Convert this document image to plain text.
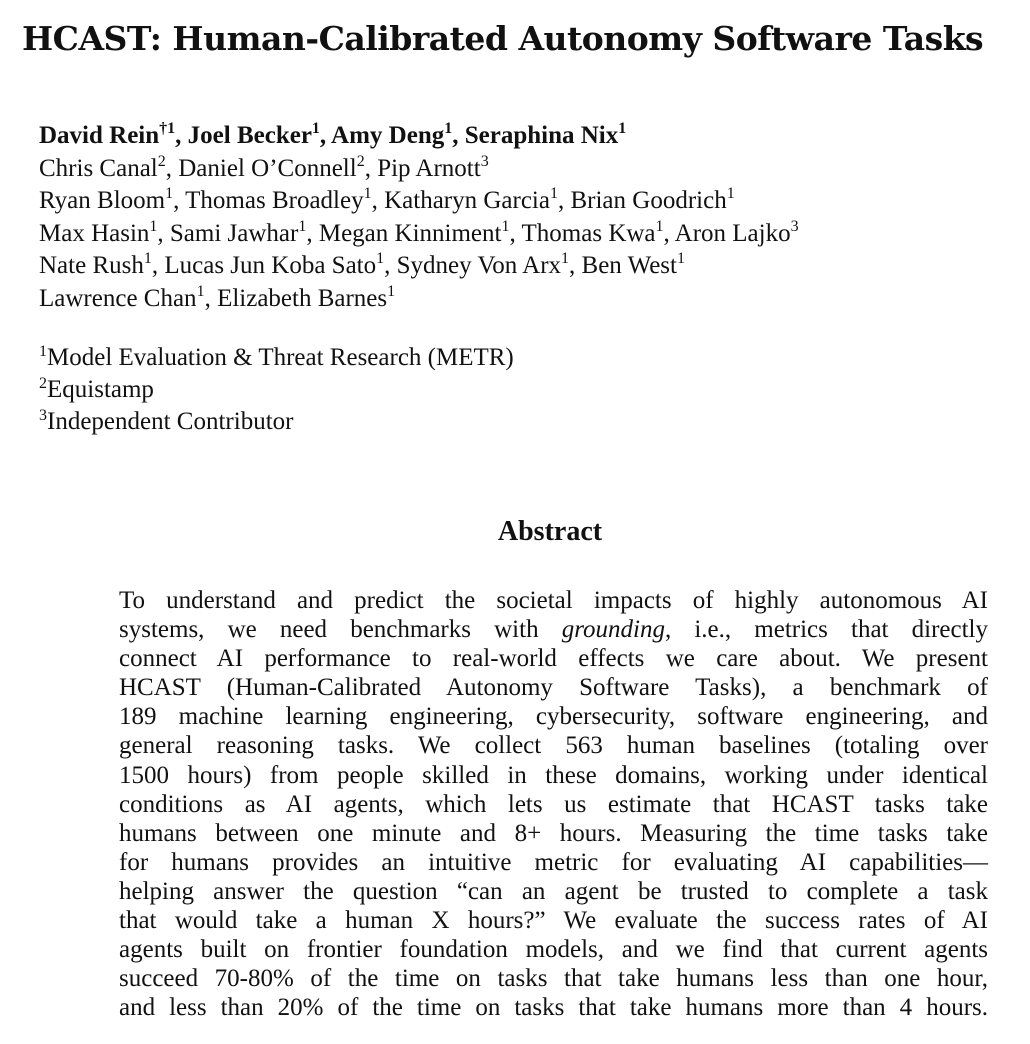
HCAST: Human-Calibrated Autonomy Software Tasks
David Rein$^{\dagger 1}$, Joel Becker$^1$, Amy Deng$^1$, Seraphina Nix$^1$
Chris Canal$^2$, Daniel O’Connell$^2$, Pip Arnott$^3$
Ryan Bloom$^1$, Thomas Broadley$^1$, Katharyn Garcia$^1$, Brian Goodrich$^1$
Max Hasin$^1$, Sami Jawhar$^1$, Megan Kinniment$^1$, Thomas Kwa$^1$, Aron Lajko$^3$
Nate Rush$^1$, Lucas Jun Koba Sato$^1$, Sydney Von Arx$^1$, Ben West$^1$
Lawrence Chan$^1$, Elizabeth Barnes$^1$
$^1$Model Evaluation & Threat Research (METR)
$^2$Equistamp
$^3$Independent Contributor
Abstract
To understand and predict the societal impacts of highly autonomous AI
systems, we need benchmarks with grounding, i.e., metrics that directly
connect AI performance to real-world effects we care about. We present
HCAST (Human-Calibrated Autonomy Software Tasks), a benchmark of
189 machine learning engineering, cybersecurity, software engineering, and
general reasoning tasks. We collect 563 human baselines (totaling over
1500 hours) from people skilled in these domains, working under identical
conditions as AI agents, which lets us estimate that HCAST tasks take
humans between one minute and 8+ hours. Measuring the time tasks take
for humans provides an intuitive metric for evaluating AI capabilities—
helping answer the question “can an agent be trusted to complete a task
that would take a human X hours?” We evaluate the success rates of AI
agents built on frontier foundation models, and we find that current agents
succeed 70-80% of the time on tasks that take humans less than one hour,
and less than 20% of the time on tasks that take humans more than 4 hours.
